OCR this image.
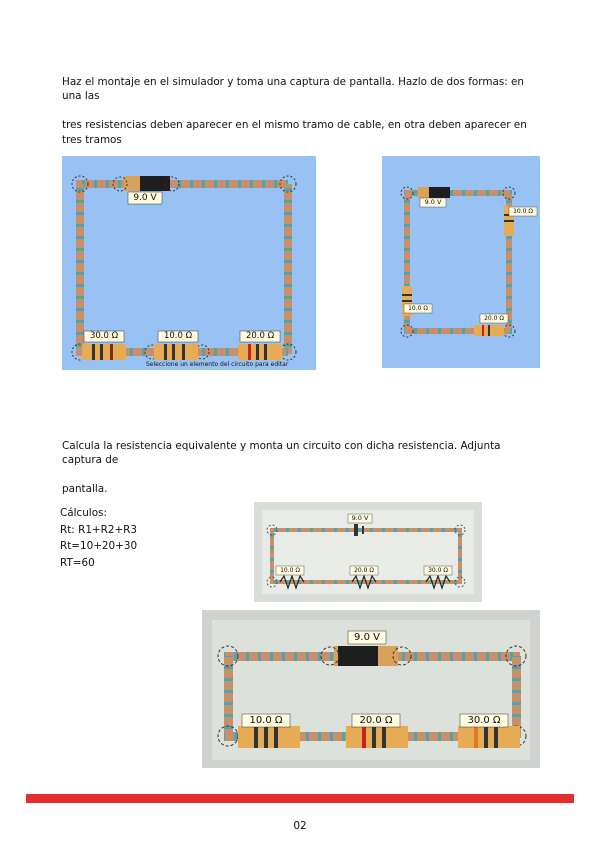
Haz el montaje en el simulador y toma una captura de pantalla. Hazlo de dos formas: en una las

tres resistencias deben aparecer en el mismo tramo de cable, en otra deben aparecer en tres tramos

9.0 V
30.0 Ω	10.0 Ω	20.0 Ω
Seleccione un elemento del circuito para editar
9.0 V
10.0 Ω
10.0 Ω
20.0 Ω

Calcula la resistencia equivalente y monta un circuito con dicha resistencia. Adjunta captura de

pantalla.

Cálculos:
Rt: R1+R2+R3
Rt=10+20+30
RT=60
9.0 V
10.0 Ω	20.0 Ω	30.0 Ω
9.0 V
10.0 Ω	20.0 Ω	30.0 Ω
02
